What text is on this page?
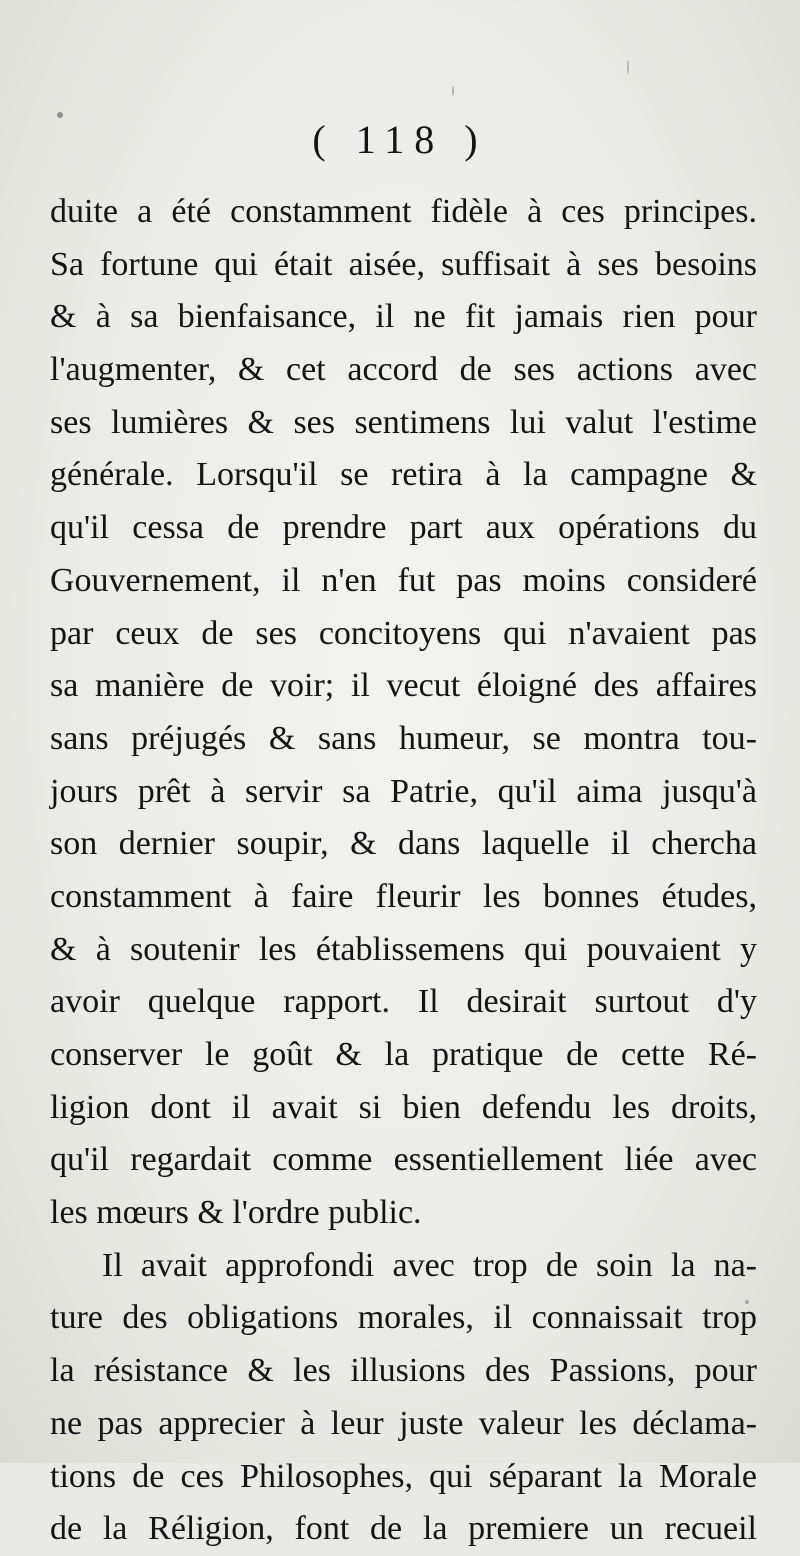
( 118 )
duite a été constamment fidèle à ces principes.
Sa fortune qui était aisée, suffisait à ses besoins
& à sa bienfaisance, il ne fit jamais rien pour
l'augmenter, & cet accord de ses actions avec
ses lumières & ses sentimens lui valut l'estime
générale. Lorsqu'il se retira à la campagne &
qu'il cessa de prendre part aux opérations du
Gouvernement, il n'en fut pas moins consideré
par ceux de ses concitoyens qui n'avaient pas
sa manière de voir; il vecut éloigné des affaires
sans préjugés & sans humeur, se montra tou-
jours prêt à servir sa Patrie, qu'il aima jusqu'à
son dernier soupir, & dans laquelle il chercha
constamment à faire fleurir les bonnes études,
& à soutenir les établissemens qui pouvaient y
avoir quelque rapport. Il desirait surtout d'y
conserver le goût & la pratique de cette Ré-
ligion dont il avait si bien defendu les droits,
qu'il regardait comme essentiellement liée avec
les mœurs & l'ordre public.
Il avait approfondi avec trop de soin la na-
ture des obligations morales, il connaissait trop
la résistance & les illusions des Passions, pour
ne pas apprecier à leur juste valeur les déclama-
tions de ces Philosophes, qui séparant la Morale
de la Réligion, font de la premiere un recueil
